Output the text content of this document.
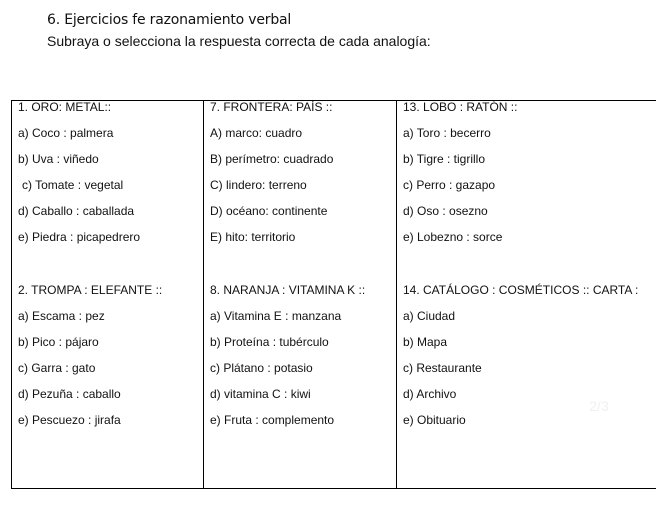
6. Ejercicios fe razonamiento verbal
Subraya o selecciona la respuesta correcta de cada analogía:
1. ORO: METAL::
a) Coco : palmera
b) Uva : viñedo
c) Tomate : vegetal
d) Caballo : caballada
e) Piedra : picapedrero
2. TROMPA : ELEFANTE ::
a) Escama : pez
b) Pico : pájaro
c) Garra : gato
d) Pezuña : caballo
e) Pescuezo : jirafa

7. FRONTERA: PAÍS ::
A) marco: cuadro
B) perímetro: cuadrado
C) lindero: terreno
D) océano: continente
E) hito: territorio
8. NARANJA : VITAMINA K ::
a) Vitamina E : manzana
b) Proteína : tubérculo
c) Plátano : potasio
d) vitamina C : kiwi
e) Fruta : complemento

13. LOBO : RATÓN ::
a) Toro : becerro
b) Tigre : tigrillo
c) Perro : gazapo
d) Oso : osezno
e) Lobezno : sorce
14. CATÁLOGO : COSMÉTICOS :: CARTA :
a) Ciudad
b) Mapa
c) Restaurante
d) Archivo
e) Obituario
2/3
